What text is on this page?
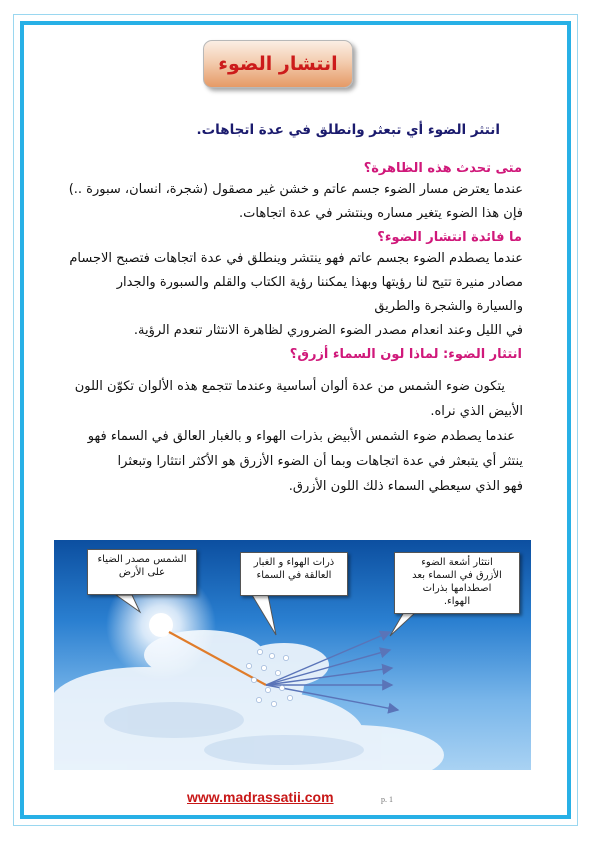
انتشار الضوء
انتثر الضوء أي تبعثر وانطلق في عدة اتجاهات.
متى تحدث هذه الظاهرة؟
عندما يعترض مسار الضوء جسم عاتم و خشن غير مصقول (شجرة، انسان، سبورة ..)
فإن هذا الضوء يتغير مساره وينتشر في عدة اتجاهات.
ما فائدة انتشار الضوء؟
عندما يصطدم الضوء بجسم عاتم فهو ينتشر وينطلق في عدة اتجاهات فتصبح الاجسام
مصادر منيرة تتيح لنا رؤيتها وبهذا يمكننا رؤية الكتاب والقلم والسبورة والجدار
والسيارة والشجرة والطريق
في الليل وعند انعدام مصدر الضوء الضروري لظاهرة الانتثار تنعدم الرؤية.
انتثار الضوء: لماذا لون السماء أزرق؟
يتكون ضوء الشمس من عدة ألوان أساسية وعندما تتجمع هذه الألوان تكوّن اللون
الأبيض الذي نراه.
عندما يصطدم ضوء الشمس الأبيض بذرات الهواء و بالغبار العالق في السماء فهو
ينتثر أي يتبعثر في عدة اتجاهات وبما أن الضوء الأزرق هو الأكثر انتثارا وتبعثرا
فهو الذي سيعطي السماء ذلك اللون الأزرق.
الشمس مصدر الضياء
على الأرض
ذرات الهواء و الغبار
العالقة في السماء
انتثار أشعة الضوء
الأزرق في السماء بعد
اصطدامها بذرات
الهواء.
www.madrassatii.com	p. 1
